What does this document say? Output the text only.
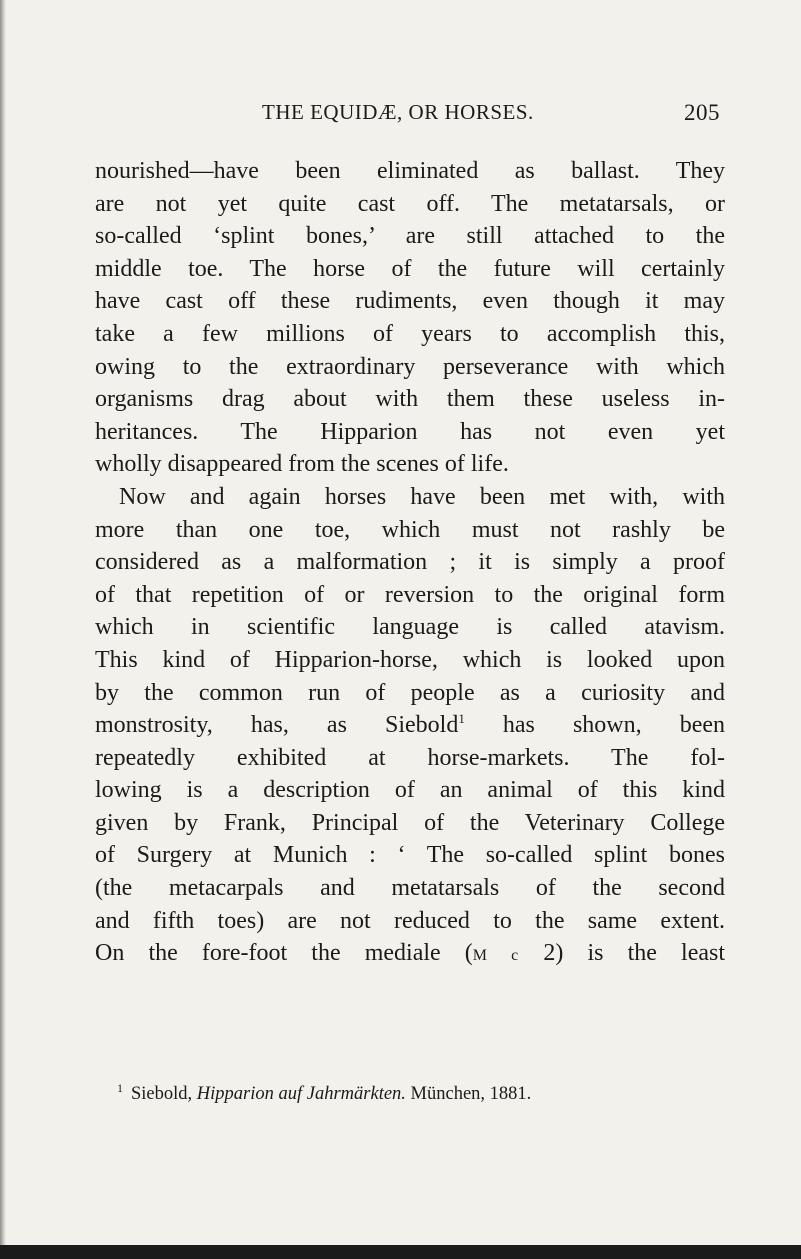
THE EQUIDÆ, OR HORSES.	205
nourished—have been eliminated as ballast. They
are not yet quite cast off. The metatarsals, or
so-called ‘splint bones,’ are still attached to the
middle toe. The horse of the future will certainly
have cast off these rudiments, even though it may
take a few millions of years to accomplish this,
owing to the extraordinary perseverance with which
organisms drag about with them these useless in-
heritances. The Hipparion has not even yet
wholly disappeared from the scenes of life.
Now and again horses have been met with, with
more than one toe, which must not rashly be
considered as a malformation ; it is simply a proof
of that repetition of or reversion to the original form
which in scientific language is called atavism.
This kind of Hipparion-horse, which is looked upon
by the common run of people as a curiosity and
monstrosity, has, as Siebold$^1$ has shown, been
repeatedly exhibited at horse-markets. The fol-
lowing is a description of an animal of this kind
given by Frank, Principal of the Veterinary College
of Surgery at Munich : ‘ The so-called splint bones
(the metacarpals and metatarsals of the second
and fifth toes) are not reduced to the same extent.
On the fore-foot the mediale (M c 2) is the least
$^1$ Siebold, Hipparion auf Jahrmärkten. München, 1881.
